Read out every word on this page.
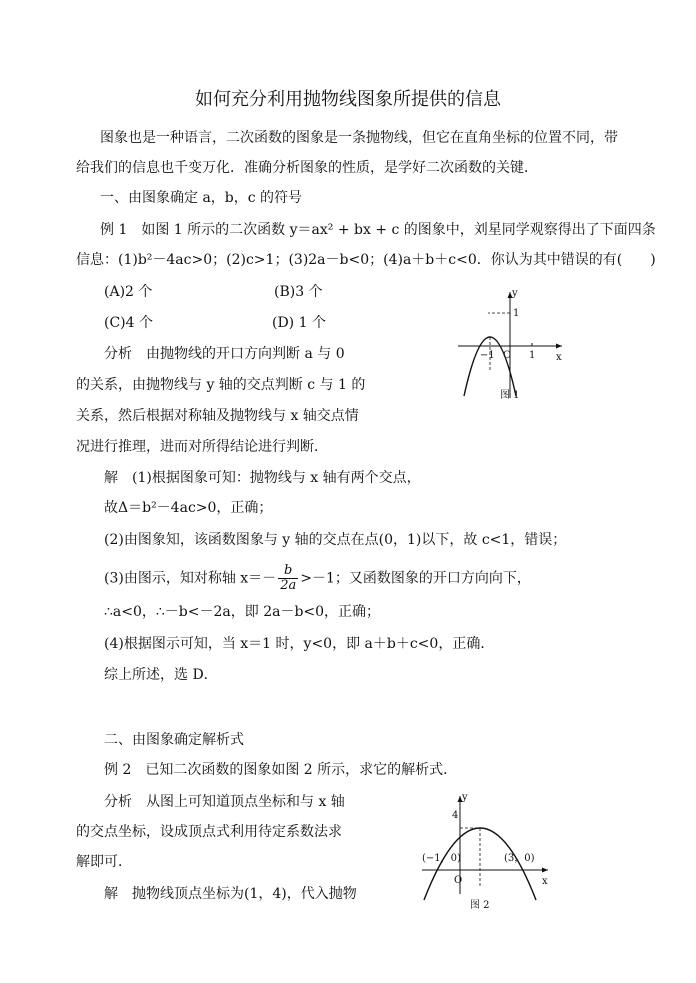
如何充分利用抛物线图象所提供的信息
图象也是一种语言，二次函数的图象是一条抛物线，但它在直角坐标的位置不同，带
给我们的信息也千变万化．准确分析图象的性质，是学好二次函数的关键．
一、由图象确定 a，b，c 的符号
例 1　如图 1 所示的二次函数 y＝ax² + bx + c 的图象中，刘星同学观察得出了下面四条
信息：(1)b²－4ac>0；(2)c>1；(3)2a－b<0；(4)a＋b＋c<0．你认为其中错误的有(　　)
(A)2 个	(B)3 个
(C)4 个	(D) 1 个
分析　由抛物线的开口方向判断 a 与 0
的关系，由抛物线与 y 轴的交点判断 c 与 1 的
关系，然后根据对称轴及抛物线与 x 轴交点情
况进行推理，进而对所得结论进行判断．
y
x
1
−1 O 1
图 1
解　(1)根据图象可知：抛物线与 x 轴有两个交点，
故Δ＝b²－4ac>0，正确；
(2)由图象知，该函数图象与 y 轴的交点在点(0，1)以下，故 c<1，错误；
(3)由图示，知对称轴 $x=- \frac{b}{2a} >-1$；又函数图象的开口方向向下，
∴a<0，∴－b<－2a，即 2a－b<0，正确；
(4)根据图示可知，当 x＝1 时，y<0，即 a＋b＋c<0，正确．
综上所述，选 D．
二、由图象确定解析式
例 2　已知二次函数的图象如图 2 所示，求它的解析式．
分析　从图上可知道顶点坐标和与 x 轴
的交点坐标，设成顶点式利用待定系数法求
解即可．
解　抛物线顶点坐标为(1，4)，代入抛物
y
x
4
O
(−1，0)	(3，0)
图 2
